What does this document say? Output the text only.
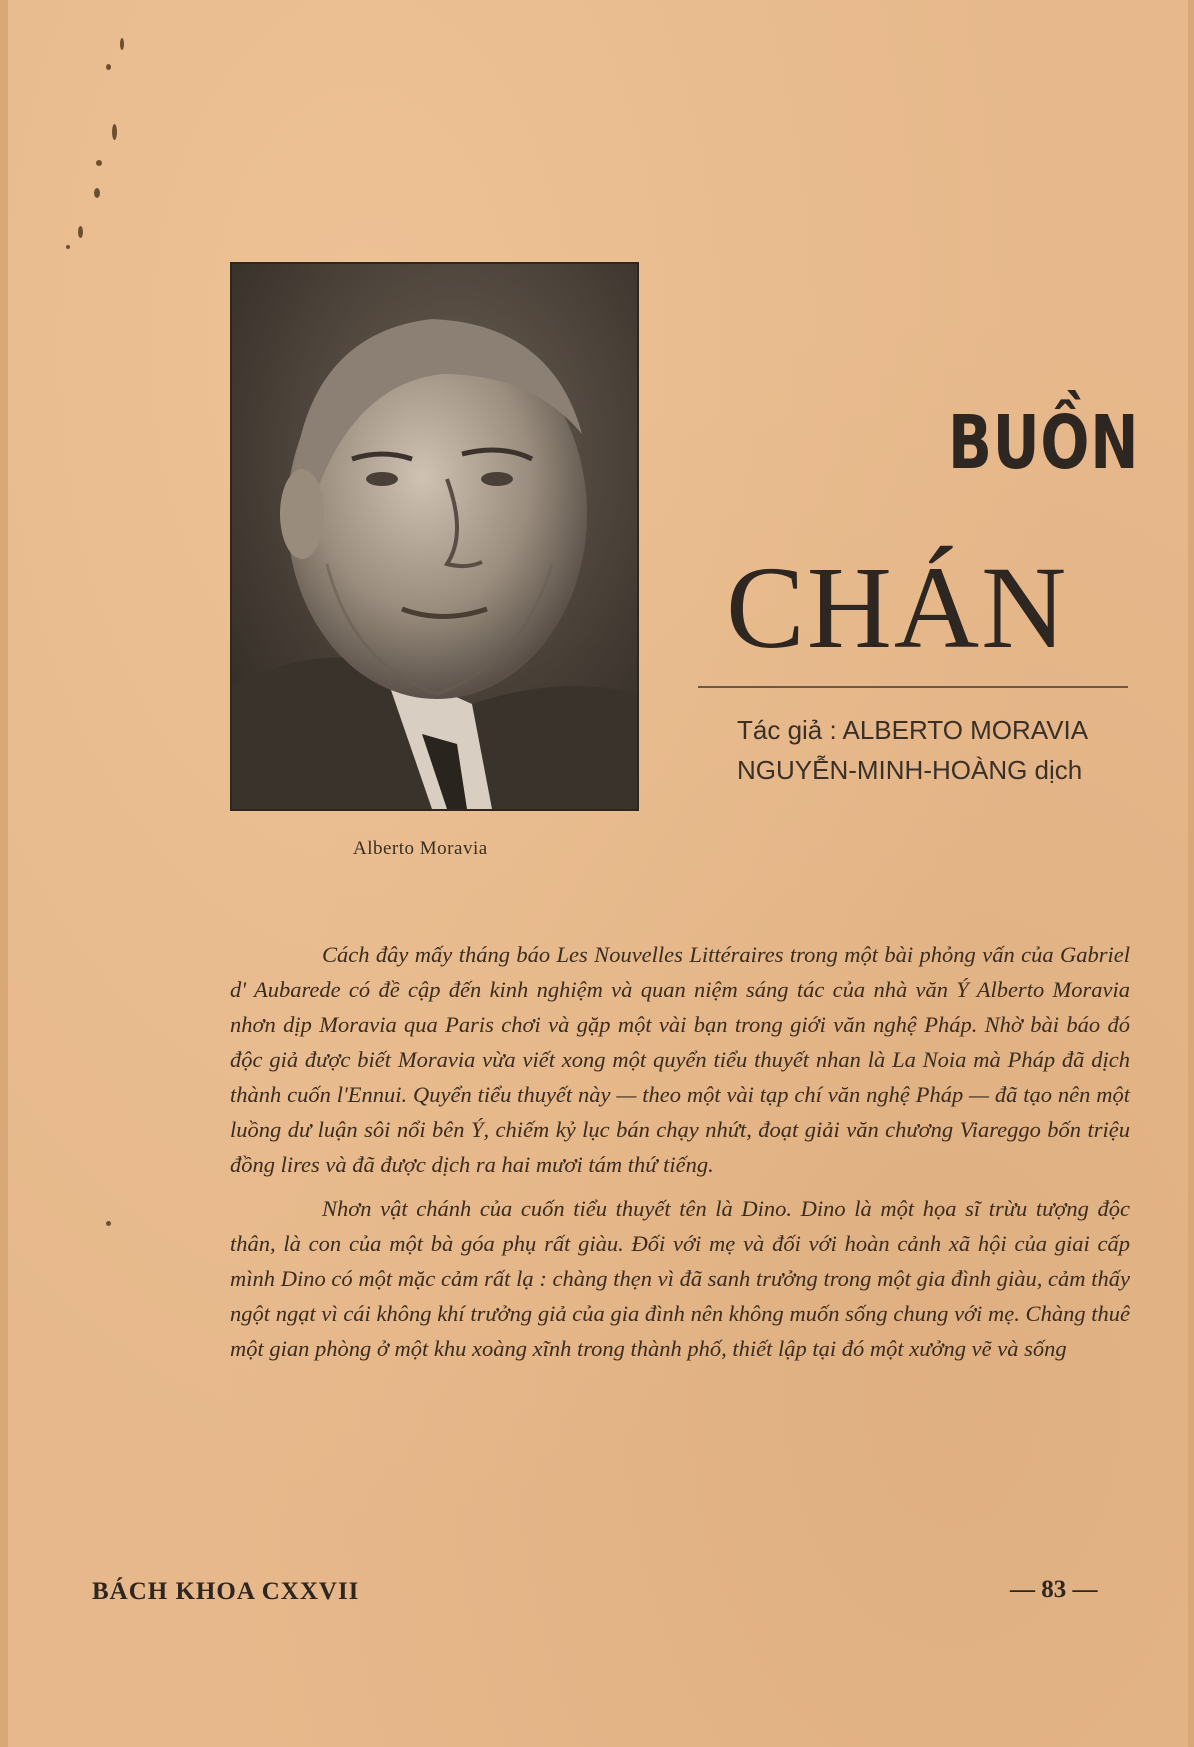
Alberto Moravia
BUỒN
CHÁN
Tác giả : ALBERTO MORAVIA
NGUYỄN-MINH-HOÀNG dịch

Cách đây mấy tháng báo Les Nouvelles Littéraires trong một bài phỏng vấn của Gabriel d' Aubarede có đề cập đến kinh nghiệm và quan niệm sáng tác của nhà văn Ý Alberto Moravia nhơn dịp Moravia qua Paris chơi và gặp một vài bạn trong giới văn nghệ Pháp. Nhờ bài báo đó độc giả được biết Moravia vừa viết xong một quyển tiểu thuyết nhan là La Noia mà Pháp đã dịch thành cuốn l'Ennui. Quyển tiểu thuyết này — theo một vài tạp chí văn nghệ Pháp — đã tạo nên một luồng dư luận sôi nổi bên Ý, chiếm kỷ lục bán chạy nhứt, đoạt giải văn chương Viareggo bốn triệu đồng lires và đã được dịch ra hai mươi tám thứ tiếng.

Nhơn vật chánh của cuốn tiểu thuyết tên là Dino. Dino là một họa sĩ trừu tượng độc thân, là con của một bà góa phụ rất giàu. Đối với mẹ và đối với hoàn cảnh xã hội của giai cấp mình Dino có một mặc cảm rất lạ : chàng thẹn vì đã sanh trưởng trong một gia đình giàu, cảm thấy ngột ngạt vì cái không khí trưởng giả của gia đình nên không muốn sống chung với mẹ. Chàng thuê một gian phòng ở một khu xoàng xĩnh trong thành phố, thiết lập tại đó một xưởng vẽ và sống

BÁCH KHOA CXXVII	— 83 —
